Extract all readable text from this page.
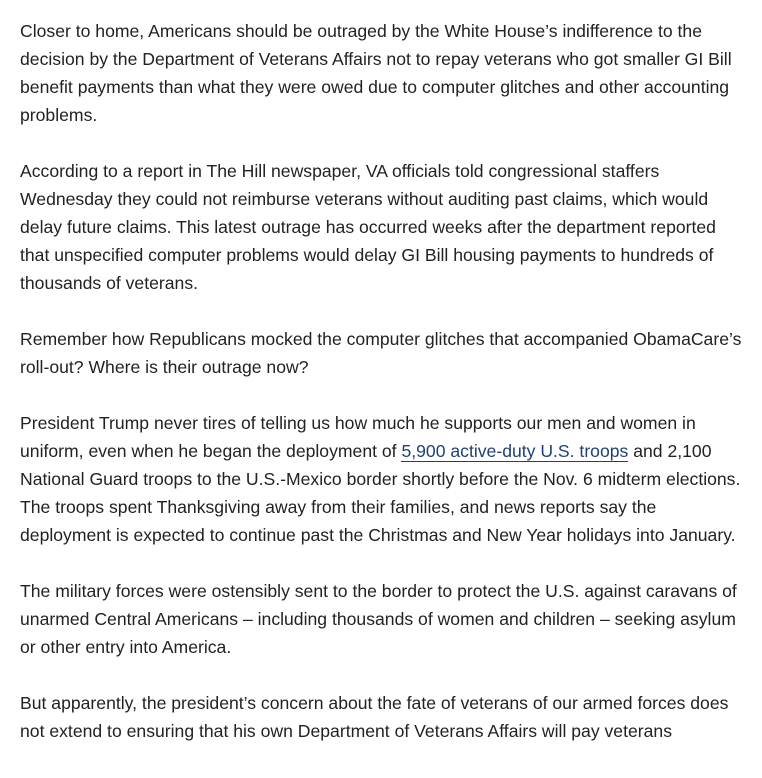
Closer to home, Americans should be outraged by the White House’s indifference to the decision by the Department of Veterans Affairs not to repay veterans who got smaller GI Bill benefit payments than what they were owed due to computer glitches and other accounting problems.

According to a report in The Hill newspaper, VA officials told congressional staffers Wednesday they could not reimburse veterans without auditing past claims, which would delay future claims. This latest outrage has occurred weeks after the department reported that unspecified computer problems would delay GI Bill housing payments to hundreds of thousands of veterans.

Remember how Republicans mocked the computer glitches that accompanied ObamaCare’s roll-out? Where is their outrage now?

President Trump never tires of telling us how much he supports our men and women in uniform, even when he began the deployment of 5,900 active-duty U.S. troops and 2,100 National Guard troops to the U.S.-Mexico border shortly before the Nov. 6 midterm elections. The troops spent Thanksgiving away from their families, and news reports say the deployment is expected to continue past the Christmas and New Year holidays into January.

The military forces were ostensibly sent to the border to protect the U.S. against caravans of unarmed Central Americans – including thousands of women and children – seeking asylum or other entry into America.

But apparently, the president’s concern about the fate of veterans of our armed forces does not extend to ensuring that his own Department of Veterans Affairs will pay veterans
